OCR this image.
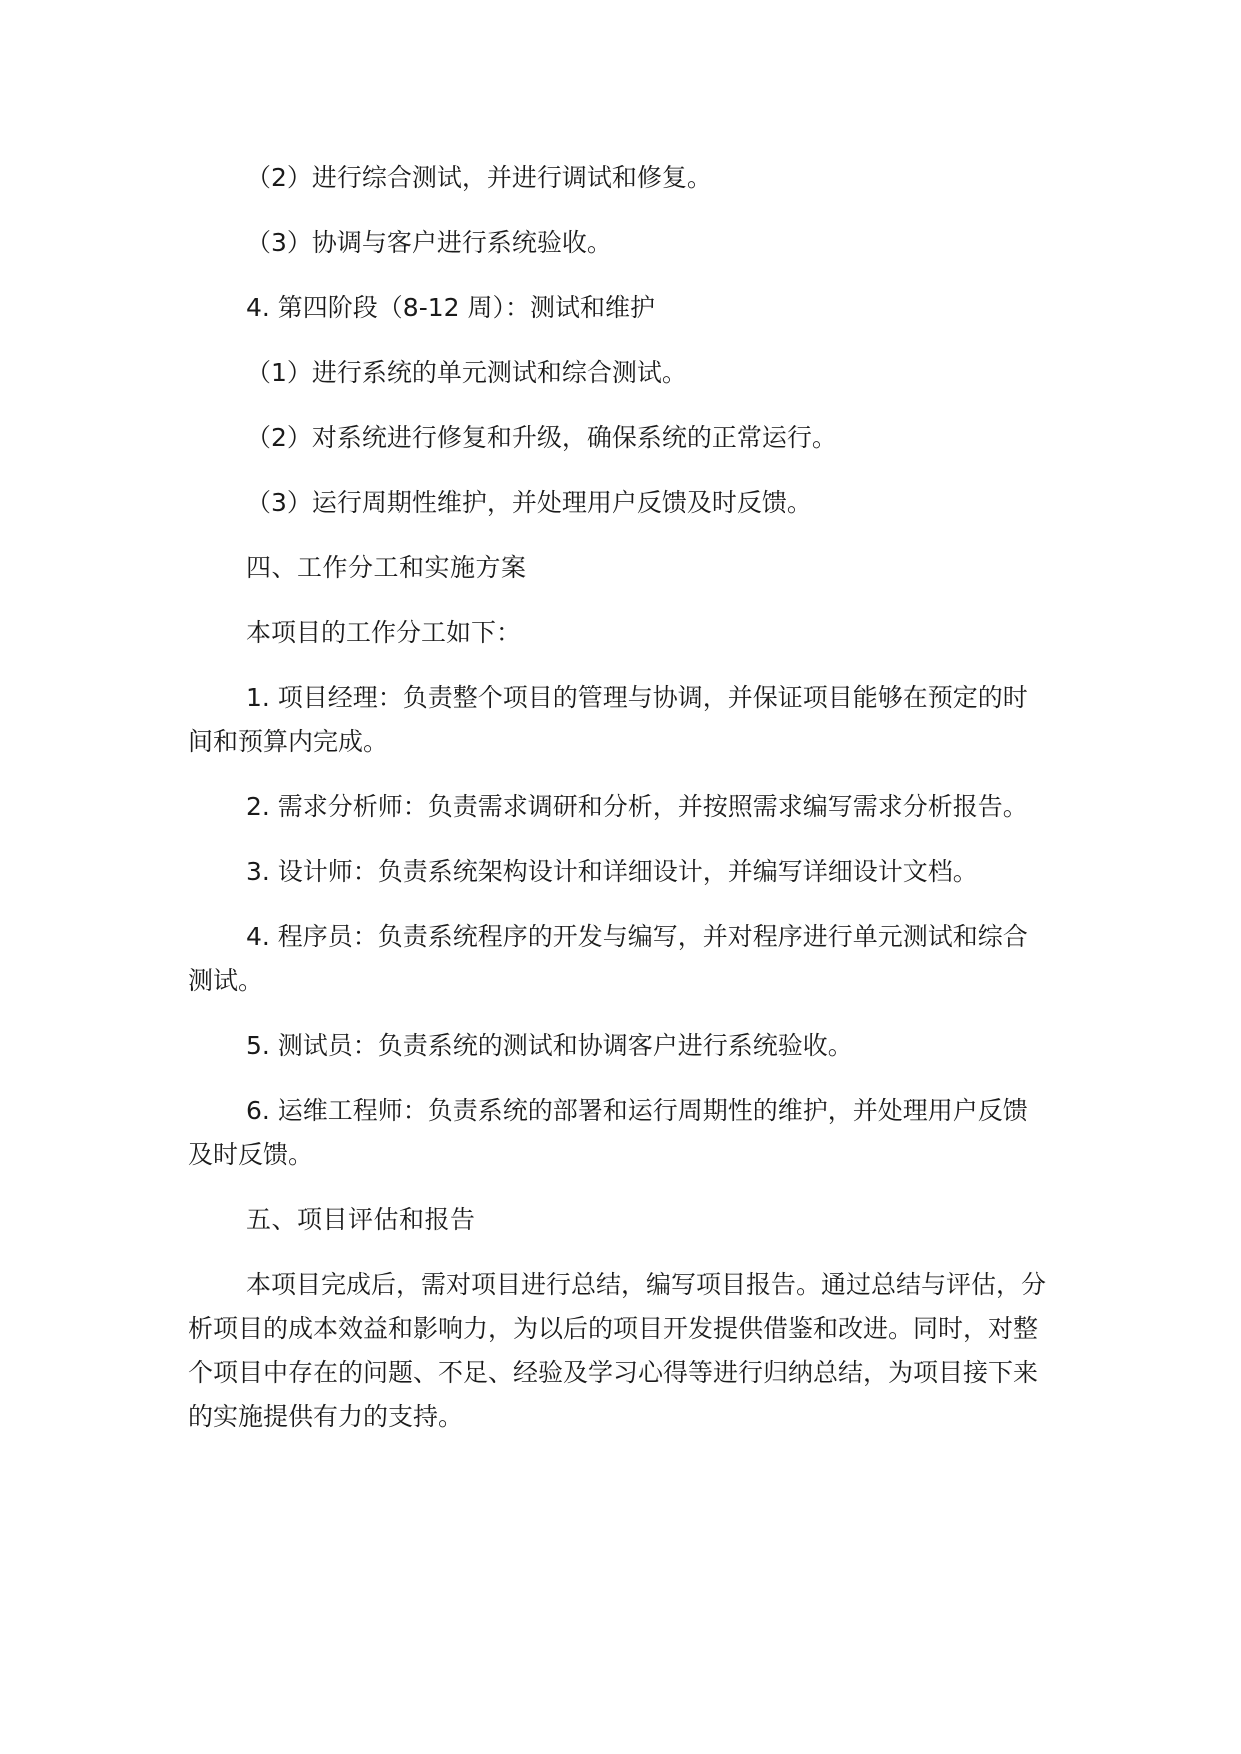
（2）进行综合测试，并进行调试和修复。

（3）协调与客户进行系统验收。

4. 第四阶段（8-12 周）：测试和维护

（1）进行系统的单元测试和综合测试。

（2）对系统进行修复和升级，确保系统的正常运行。

（3）运行周期性维护，并处理用户反馈及时反馈。

四、工作分工和实施方案

本项目的工作分工如下：

1. 项目经理：负责整个项目的管理与协调，并保证项目能够在预定的时间和预算内完成。

2. 需求分析师：负责需求调研和分析，并按照需求编写需求分析报告。

3. 设计师：负责系统架构设计和详细设计，并编写详细设计文档。

4. 程序员：负责系统程序的开发与编写，并对程序进行单元测试和综合测试。

5. 测试员：负责系统的测试和协调客户进行系统验收。

6. 运维工程师：负责系统的部署和运行周期性的维护，并处理用户反馈及时反馈。

五、项目评估和报告

本项目完成后，需对项目进行总结，编写项目报告。通过总结与评估，分析项目的成本效益和影响力，为以后的项目开发提供借鉴和改进。同时，对整个项目中存在的问题、不足、经验及学习心得等进行归纳总结，为项目接下来的实施提供有力的支持。
